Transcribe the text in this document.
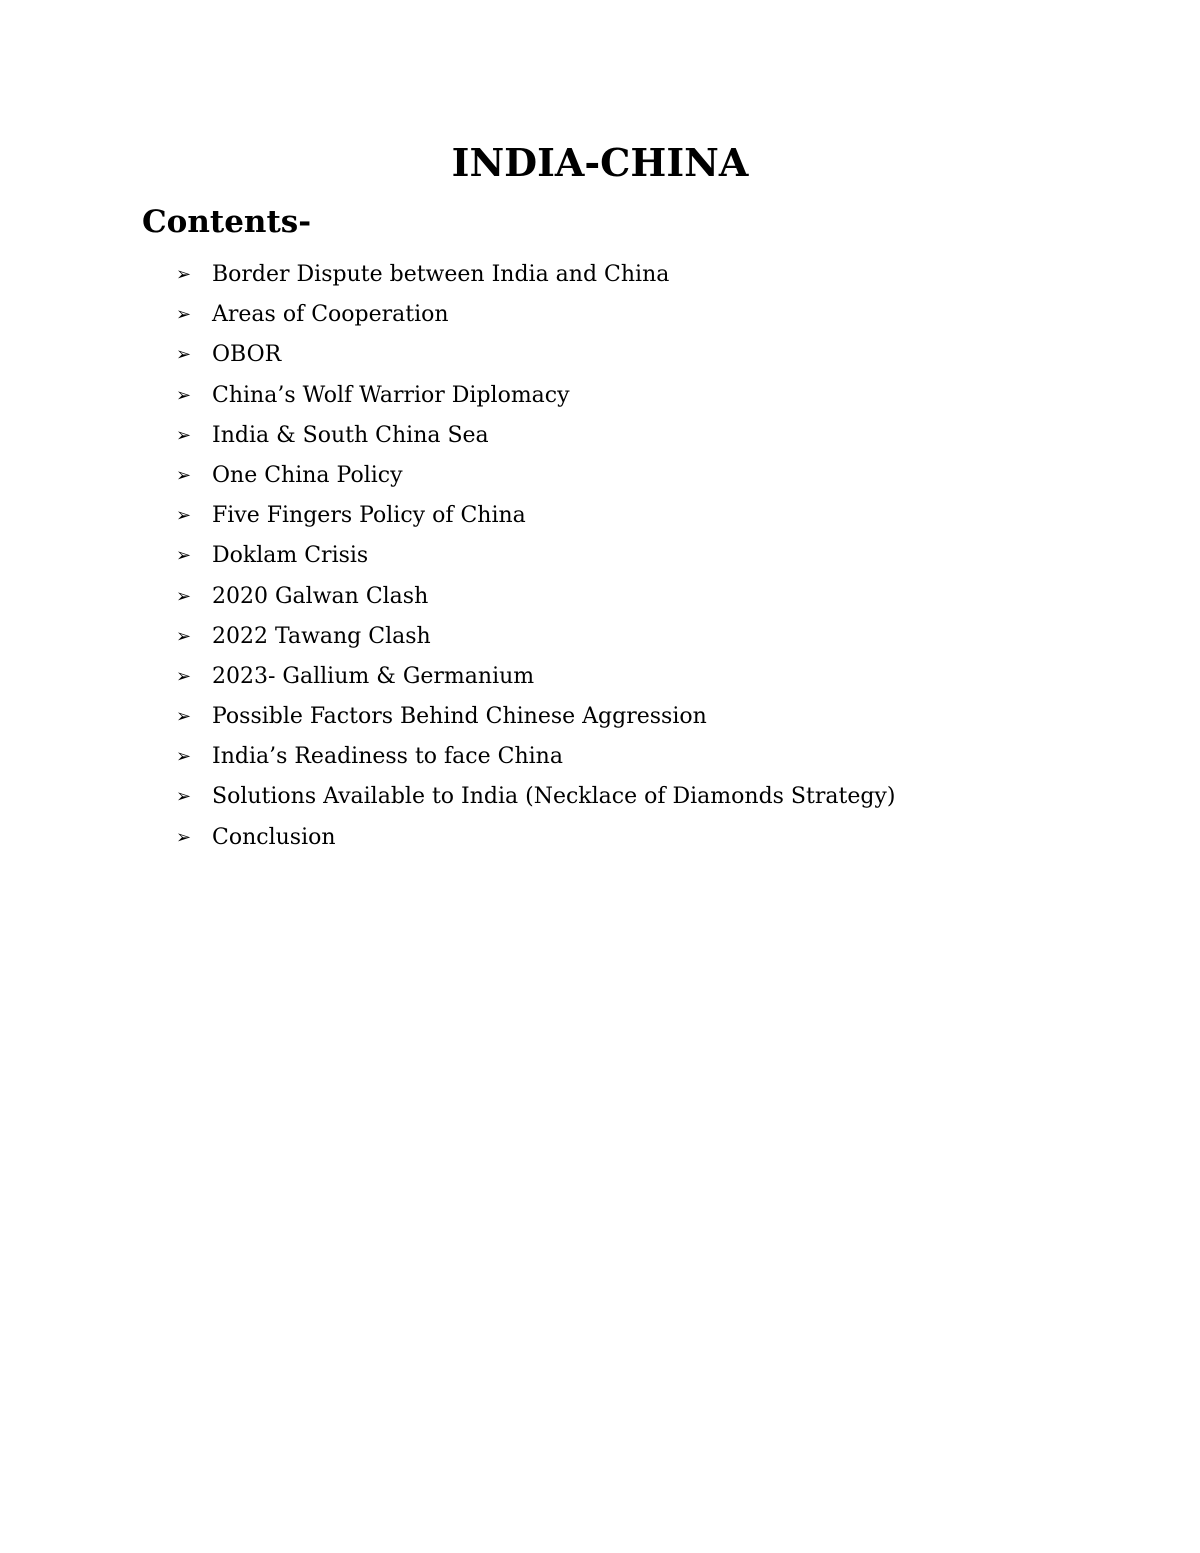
INDIA-CHINA
Contents-
➢ Border Dispute between India and China
➢ Areas of Cooperation
➢ OBOR
➢ China’s Wolf Warrior Diplomacy
➢ India & South China Sea
➢ One China Policy
➢ Five Fingers Policy of China
➢ Doklam Crisis
➢ 2020 Galwan Clash
➢ 2022 Tawang Clash
➢ 2023- Gallium & Germanium
➢ Possible Factors Behind Chinese Aggression
➢ India’s Readiness to face China
➢ Solutions Available to India (Necklace of Diamonds Strategy)
➢ Conclusion
